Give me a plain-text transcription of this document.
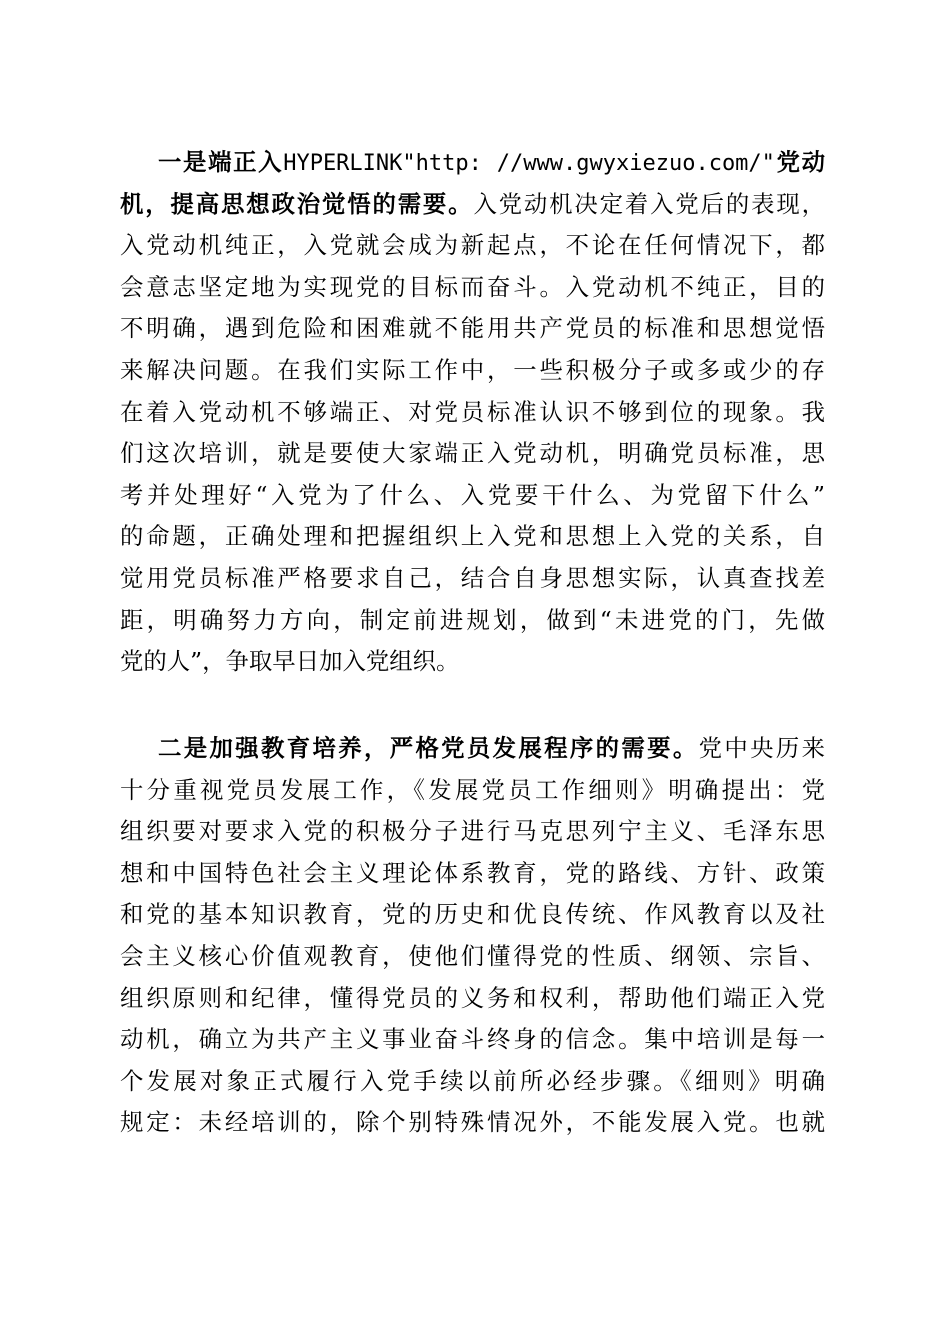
一是端正入HYPERLINK"http: //www.gwyxiezuo.com/"党动
机，提高思想政治觉悟的需要。入党动机决定着入党后的表现，
入党动机纯正，入党就会成为新起点，不论在任何情况下，都
会意志坚定地为实现党的目标而奋斗。入党动机不纯正，目的
不明确，遇到危险和困难就不能用共产党员的标准和思想觉悟
来解决问题。在我们实际工作中，一些积极分子或多或少的存
在着入党动机不够端正、对党员标准认识不够到位的现象。我
们这次培训，就是要使大家端正入党动机，明确党员标准，思
考并处理好“入党为了什么、入党要干什么、为党留下什么”
的命题，正确处理和把握组织上入党和思想上入党的关系，自
觉用党员标准严格要求自己，结合自身思想实际，认真查找差
距，明确努力方向，制定前进规划，做到“未进党的门，先做
党的人”，争取早日加入党组织。
二是加强教育培养，严格党员发展程序的需要。党中央历来
十分重视党员发展工作，《发展党员工作细则》明确提出：党
组织要对要求入党的积极分子进行马克思列宁主义、毛泽东思
想和中国特色社会主义理论体系教育，党的路线、方针、政策
和党的基本知识教育，党的历史和优良传统、作风教育以及社
会主义核心价值观教育，使他们懂得党的性质、纲领、宗旨、
组织原则和纪律，懂得党员的义务和权利，帮助他们端正入党
动机，确立为共产主义事业奋斗终身的信念。集中培训是每一
个发展对象正式履行入党手续以前所必经步骤。《细则》明确
规定：未经培训的，除个别特殊情况外，不能发展入党。也就
